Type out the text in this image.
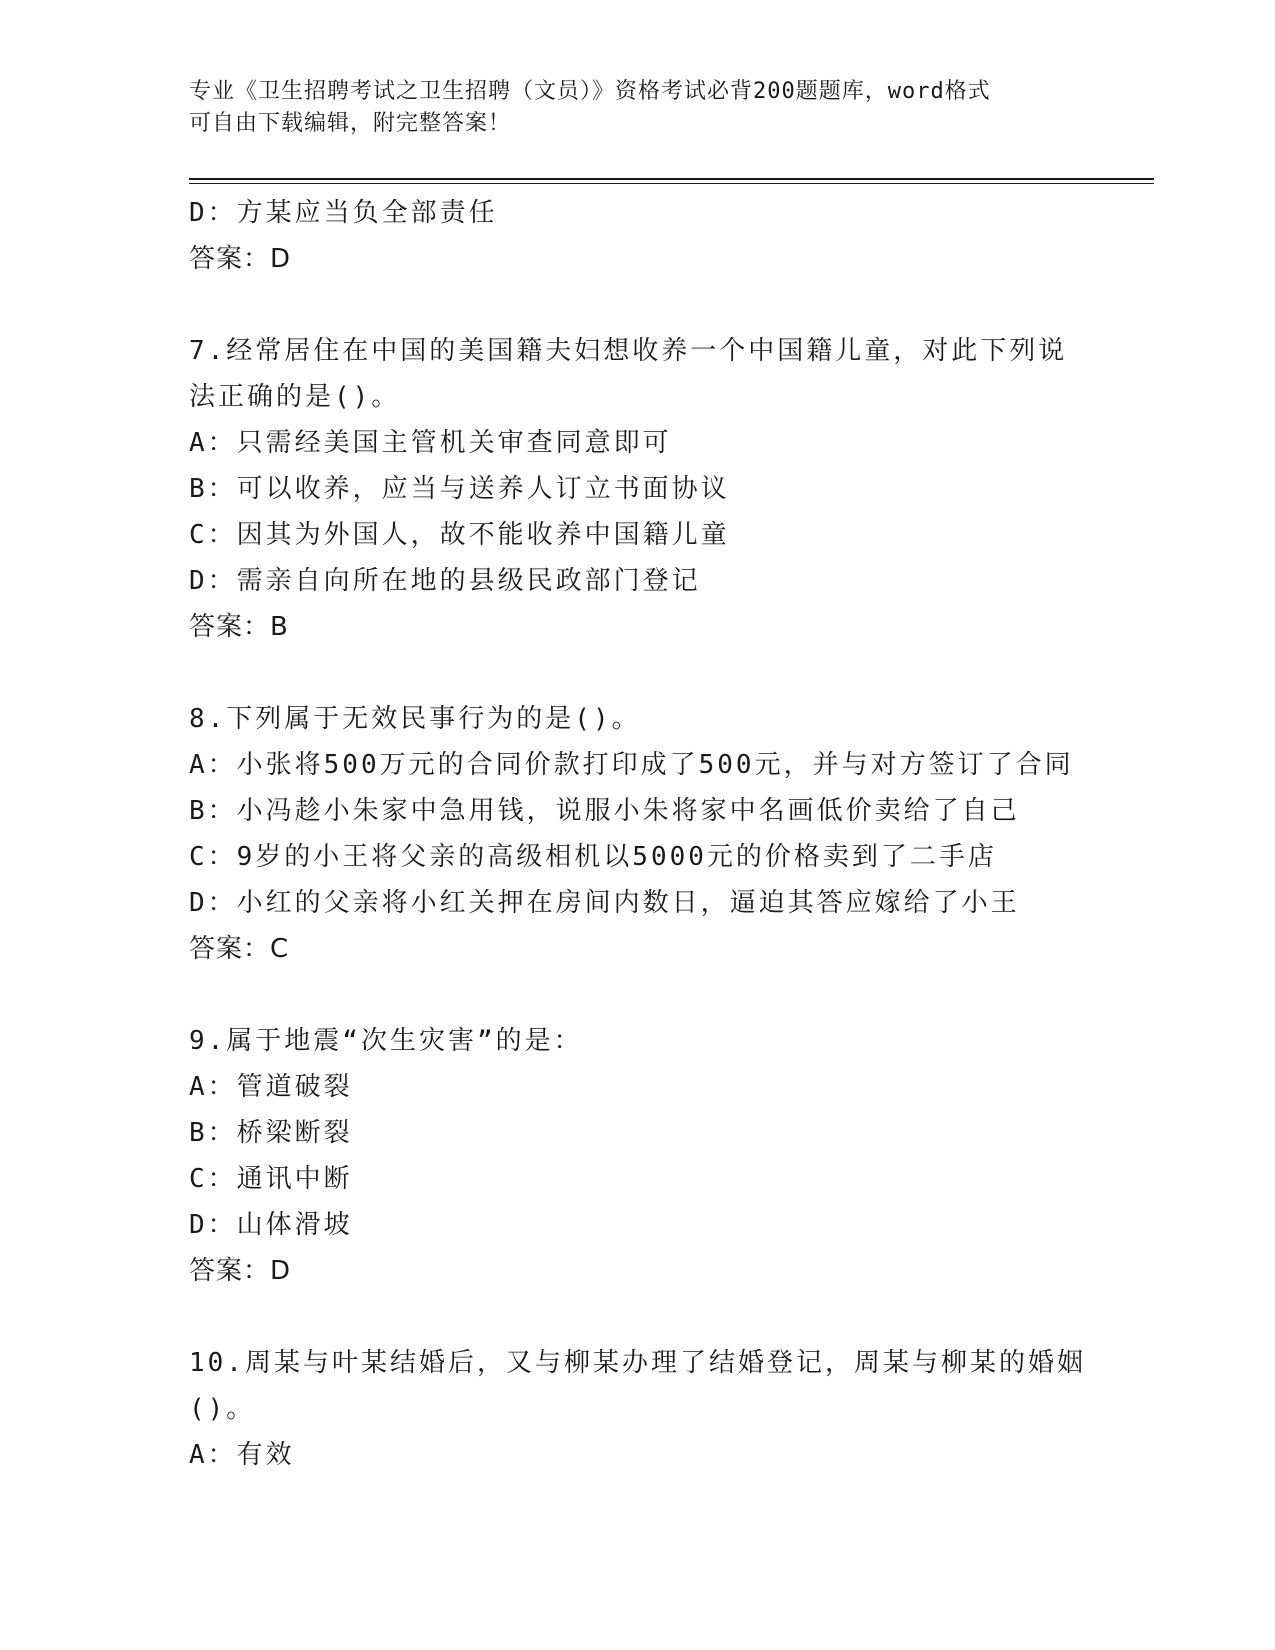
专业《卫生招聘考试之卫生招聘（文员）》资格考试必背200题题库，word格式
可自由下载编辑，附完整答案！
D：方某应当负全部责任
答案：D
7.经常居住在中国的美国籍夫妇想收养一个中国籍儿童，对此下列说
法正确的是()。
A：只需经美国主管机关审查同意即可
B：可以收养，应当与送养人订立书面协议
C：因其为外国人，故不能收养中国籍儿童
D：需亲自向所在地的县级民政部门登记
答案：B
8.下列属于无效民事行为的是()。
A：小张将500万元的合同价款打印成了500元，并与对方签订了合同
B：小冯趁小朱家中急用钱，说服小朱将家中名画低价卖给了自己
C：9岁的小王将父亲的高级相机以5000元的价格卖到了二手店
D：小红的父亲将小红关押在房间内数日，逼迫其答应嫁给了小王
答案：C
9.属于地震“次生灾害”的是：
A：管道破裂
B：桥梁断裂
C：通讯中断
D：山体滑坡
答案：D
10.周某与叶某结婚后，又与柳某办理了结婚登记，周某与柳某的婚姻
()。
A：有效
